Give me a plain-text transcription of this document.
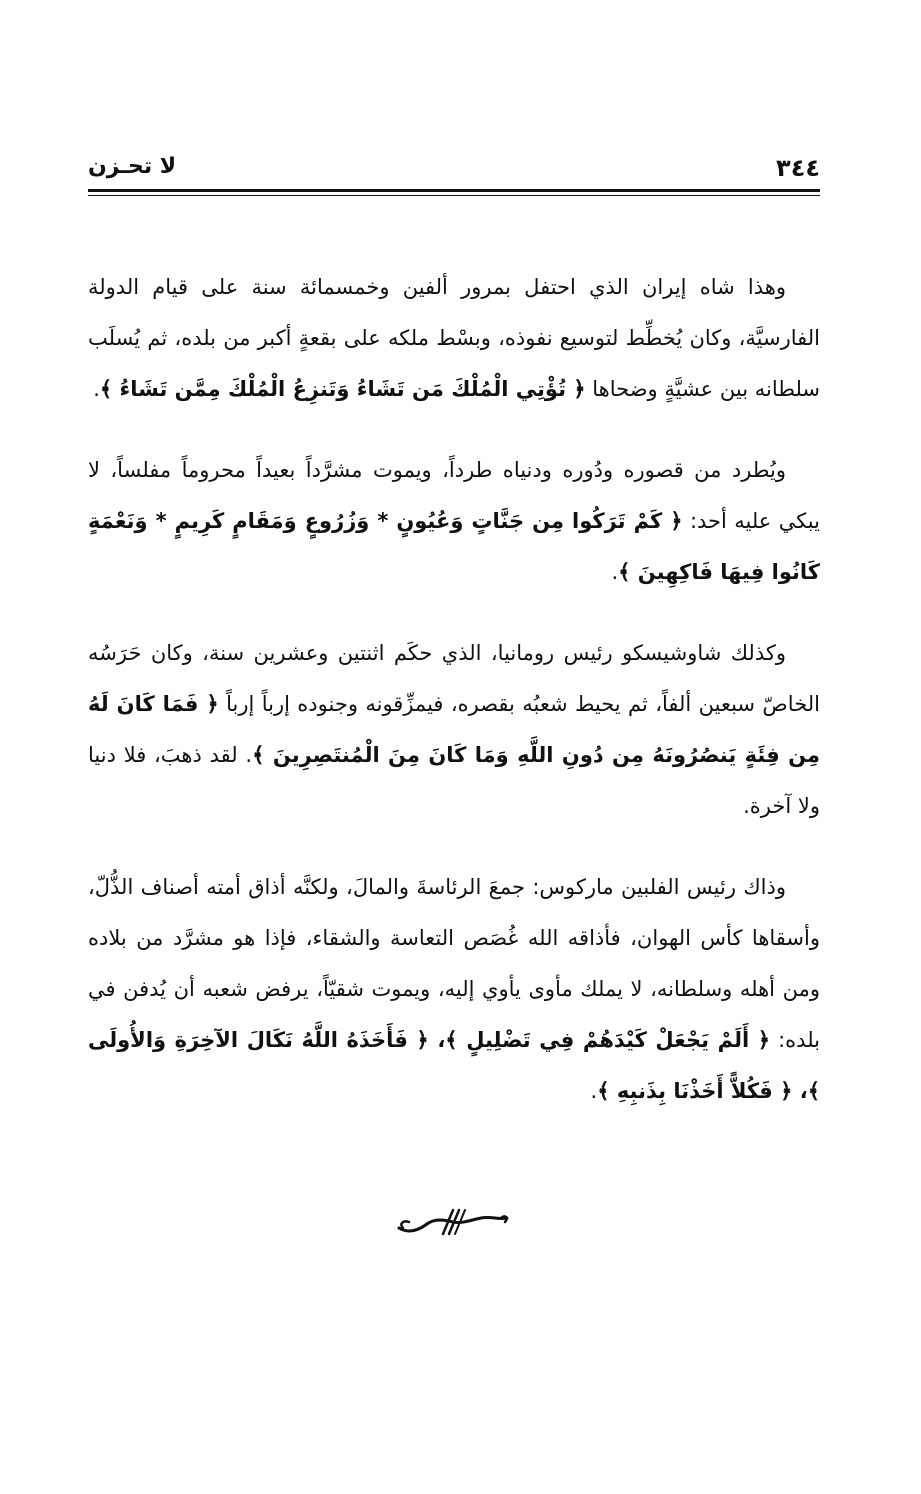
٣٤٤
لا تحـزن

وهذا شاه إيران الذي احتفل بمرور ألفين وخمسمائة سنة على قيام الدولة الفارسيَّة، وكان يُخطِّط لتوسيع نفوذه، وبسْط ملكه على بقعةٍ أكبر من بلده، ثم يُسلَب سلطانه بين عشيَّةٍ وضحاها ﴿ تُؤْتِي الْمُلْكَ مَن تَشَاءُ وَتَنزِعُ الْمُلْكَ مِمَّن تَشَاءُ ﴾.

ويُطرد من قصوره ودُوره ودنياه طرداً، ويموت مشرَّداً بعيداً محروماً مفلساً، لا يبكي عليه أحد: ﴿ كَمْ تَرَكُوا مِن جَنَّاتٍ وَعُيُونٍ * وَزُرُوعٍ وَمَقَامٍ كَرِيمٍ * وَنَعْمَةٍ كَانُوا فِيهَا فَاكِهِينَ ﴾.

وكذلك شاوشيسكو رئيس رومانيا، الذي حكَم اثنتين وعشرين سنة، وكان حَرَسُه الخاصّ سبعين ألفاً، ثم يحيط شعبُه بقصره، فيمزِّقونه وجنوده إرباً إرباً ﴿ فَمَا كَانَ لَهُ مِن فِئَةٍ يَنصُرُونَهُ مِن دُونِ اللَّهِ وَمَا كَانَ مِنَ الْمُنتَصِرِينَ ﴾. لقد ذهبَ، فلا دنيا ولا آخرة.

وذاك رئيس الفلبين ماركوس: جمعَ الرئاسةَ والمالَ، ولكنَّه أذاق أمته أصناف الذُّلّ، وأسقاها كأس الهوان، فأذاقه الله غُصَص التعاسة والشقاء، فإذا هو مشرَّد من بلاده ومن أهله وسلطانه، لا يملك مأوى يأوي إليه، ويموت شقيّاً، يرفض شعبه أن يُدفن في بلده: ﴿ أَلَمْ يَجْعَلْ كَيْدَهُمْ فِي تَضْلِيلٍ ﴾، ﴿ فَأَخَذَهُ اللَّهُ نَكَالَ الآخِرَةِ وَالأُولَى ﴾، ﴿ فَكُلاًّ أَخَذْنَا بِذَنبِهِ ﴾.
